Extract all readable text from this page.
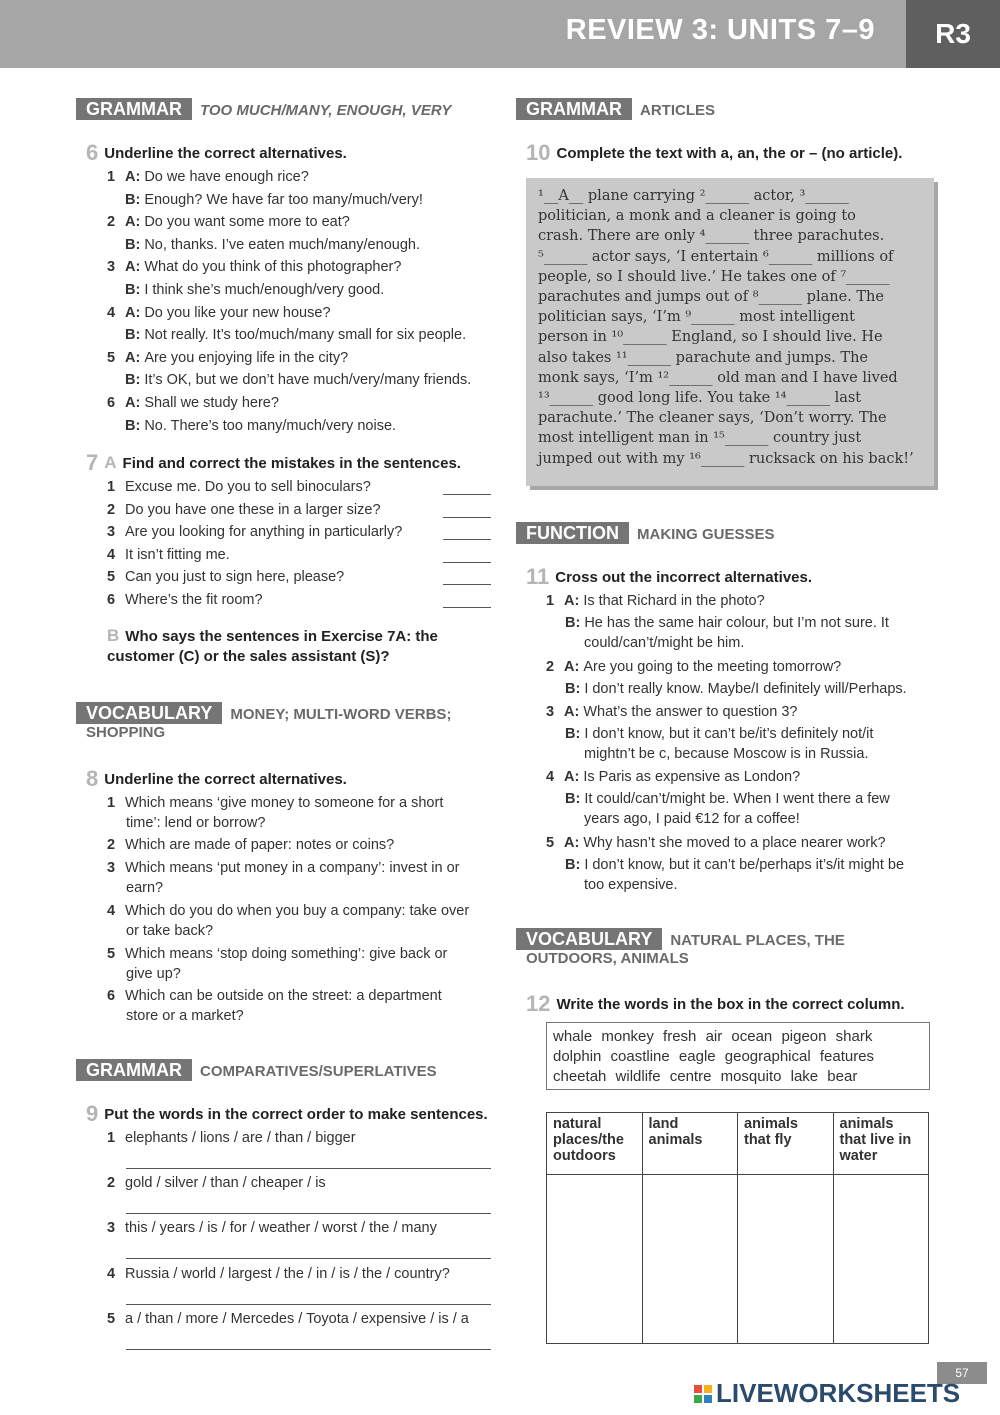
REVIEW 3: UNITS 7–9	R3
GRAMMAR TOO MUCH/MANY, ENOUGH, VERY
6 Underline the correct alternatives.
1 A: Do we have enough rice?
B: Enough? We have far too many/much/very!
2 A: Do you want some more to eat?
B: No, thanks. I’ve eaten much/many/enough.
3 A: What do you think of this photographer?
B: I think she’s much/enough/very good.
4 A: Do you like your new house?
B: Not really. It’s too/much/many small for six people.
5 A: Are you enjoying life in the city?
B: It’s OK, but we don’t have much/very/many friends.
6 A: Shall we study here?
B: No. There’s too many/much/very noise.
7 A Find and correct the mistakes in the sentences.
1 Excuse me. Do you to sell binoculars?
2 Do you have one these in a larger size?
3 Are you looking for anything in particularly?
4 It isn’t fitting me.
5 Can you just to sign here, please?
6 Where’s the fit room?
B Who says the sentences in Exercise 7A: the
customer (C) or the sales assistant (S)?
VOCABULARY MONEY; MULTI-WORD VERBS;
SHOPPING
8 Underline the correct alternatives.
1 Which means ‘give money to someone for a short
time’: lend or borrow?
2 Which are made of paper: notes or coins?
3 Which means ‘put money in a company’: invest in or
earn?
4 Which do you do when you buy a company: take over
or take back?
5 Which means ‘stop doing something’: give back or
give up?
6 Which can be outside on the street: a department
store or a market?
GRAMMAR COMPARATIVES/SUPERLATIVES
9 Put the words in the correct order to make sentences.
1 elephants / lions / are / than / bigger
2 gold / silver / than / cheaper / is
3 this / years / is / for / weather / worst / the / many
4 Russia / world / largest / the / in / is / the / country?
5 a / than / more / Mercedes / Toyota / expensive / is / a
GRAMMAR ARTICLES
10 Complete the text with a, an, the or – (no article).
¹__A__ plane carrying ²______ actor, ³______
politician, a monk and a cleaner is going to
crash. There are only ⁴______ three parachutes.
⁵______ actor says, ‘I entertain ⁶______ millions of
people, so I should live.’ He takes one of ⁷______
parachutes and jumps out of ⁸______ plane. The
politician says, ‘I’m ⁹______ most intelligent
person in ¹⁰______ England, so I should live. He
also takes ¹¹______ parachute and jumps. The
monk says, ‘I’m ¹²______ old man and I have lived
¹³______ good long life. You take ¹⁴______ last
parachute.’ The cleaner says, ‘Don’t worry. The
most intelligent man in ¹⁵______ country just
jumped out with my ¹⁶______ rucksack on his back!’
FUNCTION MAKING GUESSES
11 Cross out the incorrect alternatives.
1 A: Is that Richard in the photo?
B: He has the same hair colour, but I’m not sure. It
could/can’t/might be him.
2 A: Are you going to the meeting tomorrow?
B: I don’t really know. Maybe/I definitely will/Perhaps.
3 A: What’s the answer to question 3?
B: I don’t know, but it can’t be/it’s definitely not/it
mightn’t be c, because Moscow is in Russia.
4 A: Is Paris as expensive as London?
B: It could/can’t/might be. When I went there a few
years ago, I paid €12 for a coffee!
5 A: Why hasn’t she moved to a place nearer work?
B: I don’t know, but it can’t be/perhaps it’s/it might be
too expensive.
VOCABULARY NATURAL PLACES, THE
OUTDOORS, ANIMALS
12 Write the words in the box in the correct column.
whale monkey fresh air ocean pigeon shark
dolphin coastline eagle geographical features
cheetah wildlife centre mosquito lake bear
natural places/the outdoors	land animals	animals that fly	animals that live in water

57
LIVEWORKSHEETS
